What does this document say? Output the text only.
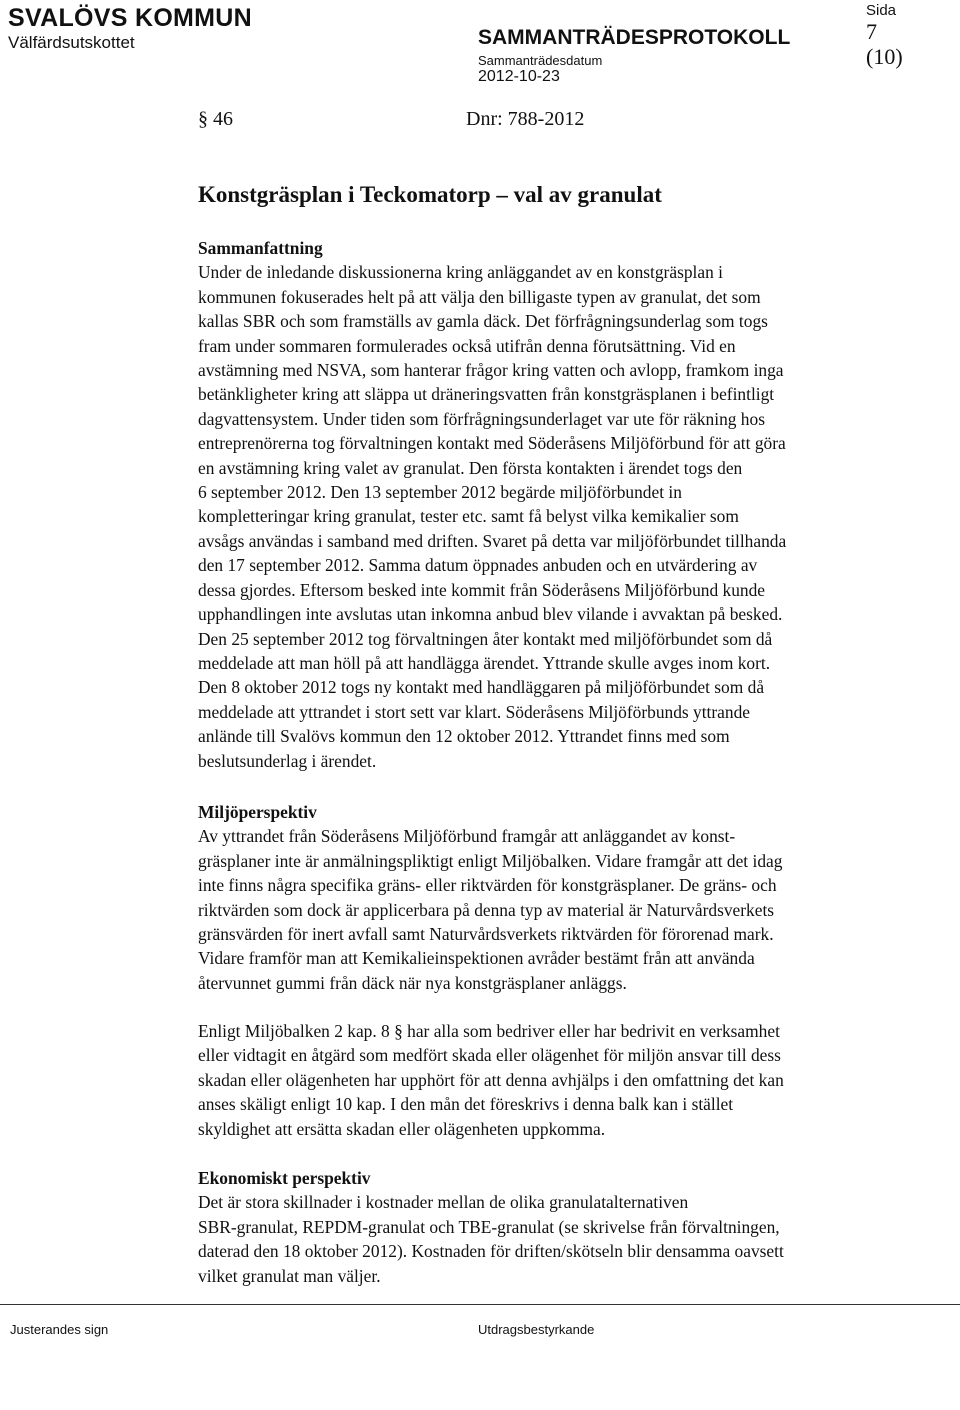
SVALÖVS KOMMUN
Välfärdsutskottet	SAMMANTRÄDESPROTOKOLL
Sammanträdesdatum
2012-10-23
Sida
7
(10)
§ 46	Dnr: 788-2012
Konstgräsplan i Teckomatorp – val av granulat
Sammanfattning

Under de inledande diskussionerna kring anläggandet av en konstgräsplan i
kommunen fokuserades helt på att välja den billigaste typen av granulat, det som
kallas SBR och som framställs av gamla däck. Det förfrågningsunderlag som togs
fram under sommaren formulerades också utifrån denna förutsättning. Vid en
avstämning med NSVA, som hanterar frågor kring vatten och avlopp, framkom inga
betänkligheter kring att släppa ut dräneringsvatten från konstgräsplanen i befintligt
dagvattensystem. Under tiden som förfrågningsunderlaget var ute för räkning hos
entreprenörerna tog förvaltningen kontakt med Söderåsens Miljöförbund för att göra
en avstämning kring valet av granulat. Den första kontakten i ärendet togs den
6 september 2012. Den 13 september 2012 begärde miljöförbundet in
kompletteringar kring granulat, tester etc. samt få belyst vilka kemikalier som
avsågs användas i samband med driften. Svaret på detta var miljöförbundet tillhanda
den 17 september 2012. Samma datum öppnades anbuden och en utvärdering av
dessa gjordes. Eftersom besked inte kommit från Söderåsens Miljöförbund kunde
upphandlingen inte avslutas utan inkomna anbud blev vilande i avvaktan på besked.
Den 25 september 2012 tog förvaltningen åter kontakt med miljöförbundet som då
meddelade att man höll på att handlägga ärendet. Yttrande skulle avges inom kort.
Den 8 oktober 2012 togs ny kontakt med handläggaren på miljöförbundet som då
meddelade att yttrandet i stort sett var klart. Söderåsens Miljöförbunds yttrande
anlände till Svalövs kommun den 12 oktober 2012. Yttrandet finns med som
beslutsunderlag i ärendet.

Miljöperspektiv

Av yttrandet från Söderåsens Miljöförbund framgår att anläggandet av konst-
gräsplaner inte är anmälningspliktigt enligt Miljöbalken. Vidare framgår att det idag
inte finns några specifika gräns- eller riktvärden för konstgräsplaner. De gräns- och
riktvärden som dock är applicerbara på denna typ av material är Naturvårdsverkets
gränsvärden för inert avfall samt Naturvårdsverkets riktvärden för förorenad mark.
Vidare framför man att Kemikalieinspektionen avråder bestämt från att använda
återvunnet gummi från däck när nya konstgräsplaner anläggs.

Enligt Miljöbalken 2 kap. 8 § har alla som bedriver eller har bedrivit en verksamhet
eller vidtagit en åtgärd som medfört skada eller olägenhet för miljön ansvar till dess
skadan eller olägenheten har upphört för att denna avhjälps i den omfattning det kan
anses skäligt enligt 10 kap. I den mån det föreskrivs i denna balk kan i stället
skyldighet att ersätta skadan eller olägenheten uppkomma.

Ekonomiskt perspektiv

Det är stora skillnader i kostnader mellan de olika granulatalternativen
SBR-granulat, REPDM-granulat och TBE-granulat (se skrivelse från förvaltningen,
daterad den 18 oktober 2012). Kostnaden för driften/skötseln blir densamma oavsett
vilket granulat man väljer.

Justerandes sign	Utdragsbestyrkande
